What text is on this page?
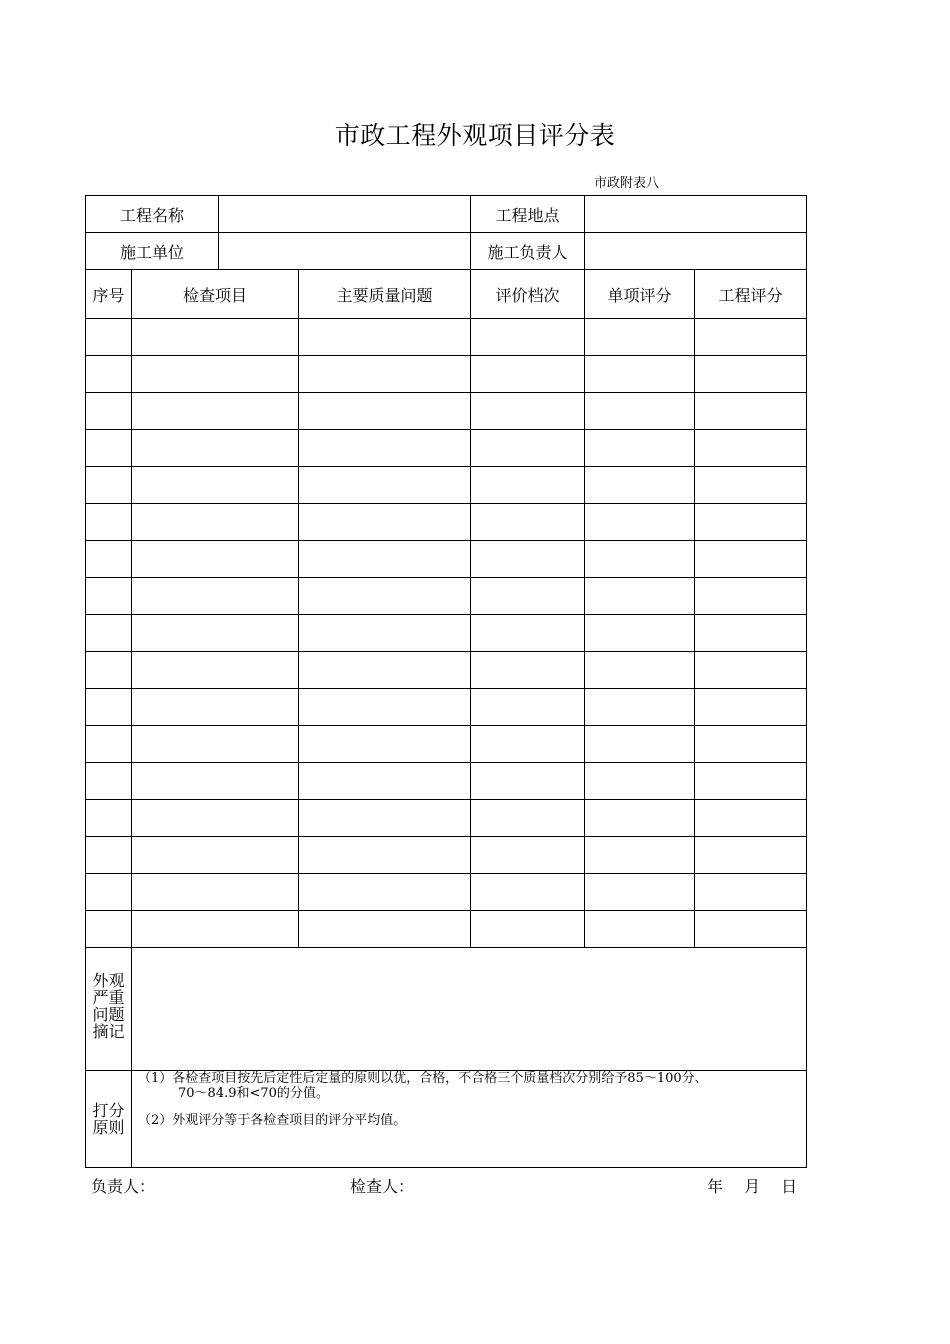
市政工程外观项目评分表
市政附表八
工程名称				工程地点		
施工单位				施工负责人		
序号	检查项目		主要质量问题	评价档次	单项评分	工程评分

外观严重问题摘记						
打分原则	（1）各检查项目按先后定性后定量的原则以优，合格，不合格三个质量档次分别给予85～100分、
70～84.9和<70的分值。
（2）外观评分等于各检查项目的评分平均值。					
负责人：	检查人：	年　 月　 日
